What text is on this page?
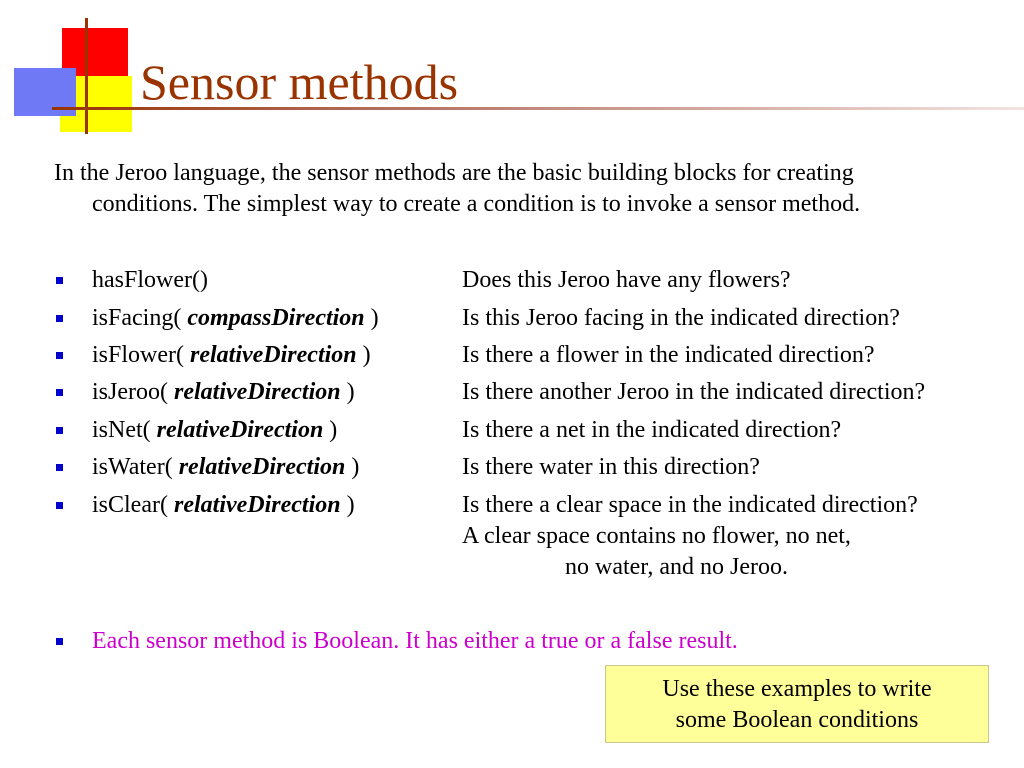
Sensor methods

In the Jeroo language, the sensor methods are the basic building blocks for creating
conditions. The simplest way to create a condition is to invoke a sensor method.

hasFlower()	Does this Jeroo have any flowers?
isFacing( compassDirection )	Is this Jeroo facing in the indicated direction?
isFlower( relativeDirection )	Is there a flower in the indicated direction?
isJeroo( relativeDirection )	Is there another Jeroo in the indicated direction?
isNet( relativeDirection )	Is there a net in the indicated direction?
isWater( relativeDirection )	Is there water in this direction?
isClear( relativeDirection )	Is there a clear space in the indicated direction?
A clear space contains no flower, no net,
no water, and no Jeroo.
Each sensor method is Boolean. It has either a true or a false result.
Use these examples to write
some Boolean conditions
